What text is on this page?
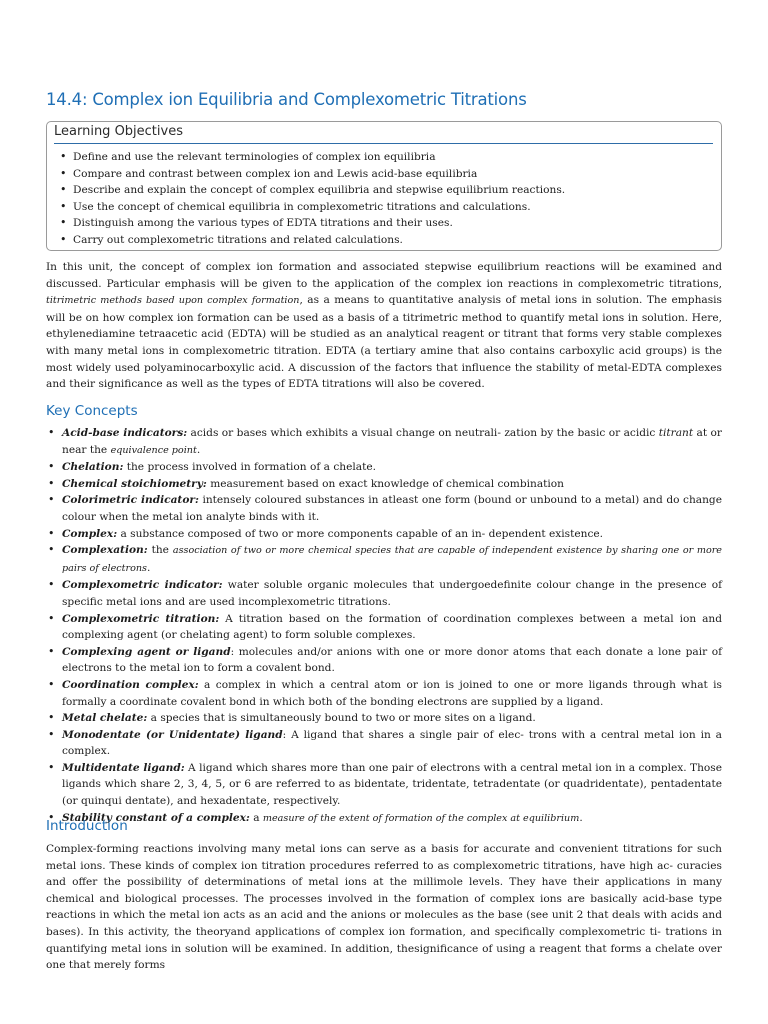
14.4: Complex ion Equilibria and Complexometric Titrations
Learning Objectives
• Define and use the relevant terminologies of complex ion equilibria
• Compare and contrast between complex ion and Lewis acid-base equilibria
• Describe and explain the concept of complex equilibria and stepwise equilibrium reactions.
• Use the concept of chemical equilibria in complexometric titrations and calculations.
• Distinguish among the various types of EDTA titrations and their uses.
• Carry out complexometric titrations and related calculations.

In this unit, the concept of complex ion formation and associated stepwise equilibrium reactions will be examined and discussed. Particular emphasis will be given to the application of the complex ion reactions in complexometric titrations, titrimetric methods based upon complex formation, as a means to quantitative analysis of metal ions in solution. The emphasis will be on how complex ion formation can be used as a basis of a titrimetric method to quantify metal ions in solution. Here, ethylenediamine tetraacetic acid (EDTA) will be studied as an analytical reagent or titrant that forms very stable complexes with many metal ions in complexometric titration. EDTA (a tertiary amine that also contains carboxylic acid groups) is the most widely used polyaminocarboxylic acid. A discussion of the factors that influence the stability of metal-EDTA complexes and their significance as well as the types of EDTA titrations will also be covered.

Key Concepts
• Acid-base indicators: acids or bases which exhibits a visual change on neutrali- zation by the basic or acidic titrant at or near the equivalence point.
• Chelation: the process involved in formation of a chelate.
• Chemical stoichiometry: measurement based on exact knowledge of chemical combination
• Colorimetric indicator: intensely coloured substances in atleast one form (bound or unbound to a metal) and do change colour when the metal ion analyte binds with it.
• Complex: a substance composed of two or more components capable of an in- dependent existence.
• Complexation: the association of two or more chemical species that are capable of independent existence by sharing one or more pairs of electrons.
• Complexometric indicator: water soluble organic molecules that undergoedefinite colour change in the presence of specific metal ions and are used incomplexometric titrations.
• Complexometric titration: A titration based on the formation of coordination complexes between a metal ion and complexing agent (or chelating agent) to form soluble complexes.
• Complexing agent or ligand: molecules and/or anions with one or more donor atoms that each donate a lone pair of electrons to the metal ion to form a covalent bond.
• Coordination complex: a complex in which a central atom or ion is joined to one or more ligands through what is formally a coordinate covalent bond in which both of the bonding electrons are supplied by a ligand.
• Metal chelate: a species that is simultaneously bound to two or more sites on a ligand.
• Monodentate (or Unidentate) ligand: A ligand that shares a single pair of elec- trons with a central metal ion in a complex.
• Multidentate ligand: A ligand which shares more than one pair of electrons with a central metal ion in a complex. Those ligands which share 2, 3, 4, 5, or 6 are referred to as bidentate, tridentate, tetradentate (or quadridentate), pentadentate (or quinqui dentate), and hexadentate, respectively.
• Stability constant of a complex: a measure of the extent of formation of the complex at equilibrium.
Introduction

Complex-forming reactions involving many metal ions can serve as a basis for accurate and convenient titrations for such metal ions. These kinds of complex ion titration procedures referred to as complexometric titrations, have high ac- curacies and offer the possibility of determinations of metal ions at the millimole levels. They have their applications in many chemical and biological processes. The processes involved in the formation of complex ions are basically acid-base type reactions in which the metal ion acts as an acid and the anions or molecules as the base (see unit 2 that deals with acids and bases). In this activity, the theoryand applications of complex ion formation, and specifically complexometric ti- trations in quantifying metal ions in solution will be examined. In addition, thesignificance of using a reagent that forms a chelate over one that merely forms
